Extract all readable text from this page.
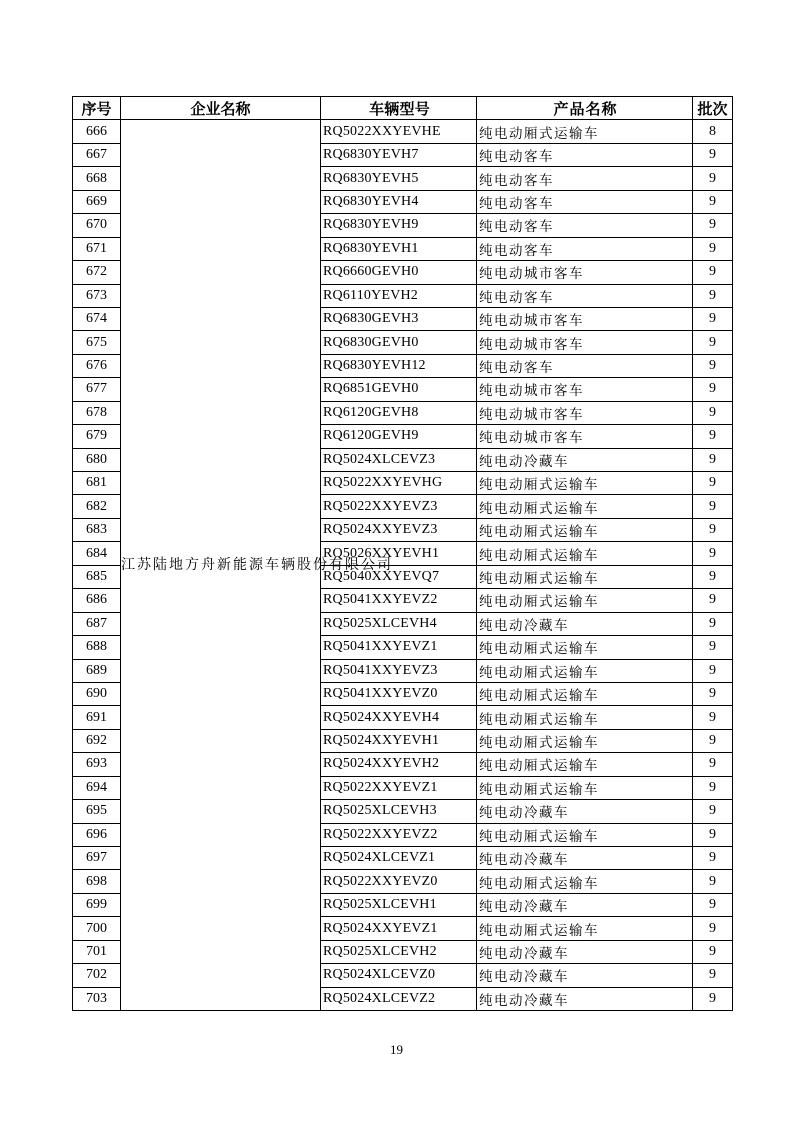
序号	企业名称	车辆型号	产品名称	批次
666	江苏陆地方舟新能源车辆股份有限公司	RQ5022XXYEVHE	纯电动厢式运输车	8
667		RQ6830YEVH7	纯电动客车	9
668		RQ6830YEVH5	纯电动客车	9
669		RQ6830YEVH4	纯电动客车	9
670		RQ6830YEVH9	纯电动客车	9
671		RQ6830YEVH1	纯电动客车	9
672		RQ6660GEVH0	纯电动城市客车	9
673		RQ6110YEVH2	纯电动客车	9
674		RQ6830GEVH3	纯电动城市客车	9
675		RQ6830GEVH0	纯电动城市客车	9
676		RQ6830YEVH12	纯电动客车	9
677		RQ6851GEVH0	纯电动城市客车	9
678		RQ6120GEVH8	纯电动城市客车	9
679		RQ6120GEVH9	纯电动城市客车	9
680		RQ5024XLCEVZ3	纯电动冷藏车	9
681		RQ5022XXYEVHG	纯电动厢式运输车	9
682		RQ5022XXYEVZ3	纯电动厢式运输车	9
683		RQ5024XXYEVZ3	纯电动厢式运输车	9
684		RQ5026XXYEVH1	纯电动厢式运输车	9
685		RQ5040XXYEVQ7	纯电动厢式运输车	9
686		RQ5041XXYEVZ2	纯电动厢式运输车	9
687		RQ5025XLCEVH4	纯电动冷藏车	9
688		RQ5041XXYEVZ1	纯电动厢式运输车	9
689		RQ5041XXYEVZ3	纯电动厢式运输车	9
690		RQ5041XXYEVZ0	纯电动厢式运输车	9
691		RQ5024XXYEVH4	纯电动厢式运输车	9
692		RQ5024XXYEVH1	纯电动厢式运输车	9
693		RQ5024XXYEVH2	纯电动厢式运输车	9
694		RQ5022XXYEVZ1	纯电动厢式运输车	9
695		RQ5025XLCEVH3	纯电动冷藏车	9
696		RQ5022XXYEVZ2	纯电动厢式运输车	9
697		RQ5024XLCEVZ1	纯电动冷藏车	9
698		RQ5022XXYEVZ0	纯电动厢式运输车	9
699		RQ5025XLCEVH1	纯电动冷藏车	9
700		RQ5024XXYEVZ1	纯电动厢式运输车	9
701		RQ5025XLCEVH2	纯电动冷藏车	9
702		RQ5024XLCEVZ0	纯电动冷藏车	9
703		RQ5024XLCEVZ2	纯电动冷藏车	9
19
